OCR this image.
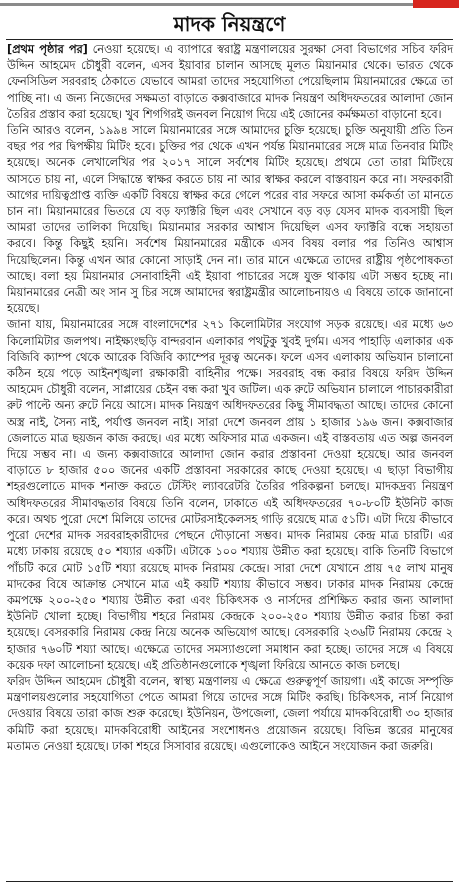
মাদক নিয়ন্ত্রণে

[প্রথম পৃষ্ঠার পর] নেওয়া হয়েছে। এ ব্যাপারে স্বরাষ্ট্র মন্ত্রণালয়ের সুরক্ষা সেবা বিভাগের সচিব ফরিদ উদ্দিন আহমেদ চৌধুরী বলেন, এসব ইয়াবার চালান আসছে মূলত মিয়ানমার থেকে। ভারত থেকে ফেনসিডিল সরবরাহ ঠেকাতে যেভাবে আমরা তাদের সহযোগিতা পেয়েছিলাম মিয়ানমারের ক্ষেত্রে তা পাচ্ছি না। এ জন্য নিজেদের সক্ষমতা বাড়াতে কক্সবাজারে মাদক নিয়ন্ত্রণ অধিদফতরের আলাদা জোন তৈরির প্রস্তাব করা হয়েছে। খুব শিগগিরই জনবল নিয়োগ দিয়ে এই জোনের কর্মক্ষমতা বাড়ানো হবে।

তিনি আরও বলেন, ১৯৯৪ সালে মিয়ানমারের সঙ্গে আমাদের চুক্তি হয়েছে। চুক্তি অনুযায়ী প্রতি তিন বছর পর পর দ্বিপক্ষীয় মিটিং হবে। চুক্তির পর থেকে এখন পর্যন্ত মিয়ানমারের সঙ্গে মাত্র তিনবার মিটিং হয়েছে। অনেক লেখালেখির পর ২০১৭ সালে সর্বশেষ মিটিং হয়েছে। প্রথমে তো তারা মিটিংয়ে আসতে চায় না, এলে সিদ্ধান্তে স্বাক্ষর করতে চায় না আর স্বাক্ষর করলে বাস্তবায়ন করে না। সফরকারী আগের দায়িত্বপ্রাপ্ত ব্যক্তি একটি বিষয়ে স্বাক্ষর করে গেলে পরের বার সফরে আসা কর্মকর্তা তা মানতে চান না। মিয়ানমারের ভিতরে যে বড় ফ্যাক্টরি ছিল এবং সেখানে বড় বড় যেসব মাদক ব্যবসায়ী ছিল আমরা তাদের তালিকা দিয়েছি। মিয়ানমার সরকার আশ্বাস দিয়েছিল এসব ফ্যাক্টরি বন্ধে সহায়তা করবে। কিন্তু কিছুই হয়নি। সর্বশেষ মিয়ানমারের মন্ত্রীকে এসব বিষয় বলার পর তিনিও আশ্বাস দিয়েছিলেন। কিন্তু এখন আর কোনো সাড়াই দেন না। তার মানে এক্ষেত্রে তাদের রাষ্ট্রীয় পৃষ্ঠপোষকতা আছে। বলা হয় মিয়ানমার সেনাবাহিনী এই ইয়াবা পাচারের সঙ্গে যুক্ত থাকায় এটা সম্ভব হচ্ছে না। মিয়ানমারের নেত্রী অং সান সু চির সঙ্গে আমাদের স্বরাষ্ট্রমন্ত্রীর আলোচনায়ও এ বিষয়ে তাকে জানানো হয়েছে।

জানা যায়, মিয়ানমারের সঙ্গে বাংলাদেশের ২৭১ কিলোমিটার সংযোগ সড়ক রয়েছে। এর মধ্যে ৬৩ কিলোমিটার জলপথ। নাইক্ষ্যংছড়ি বান্দরবান এলাকার পথটুকু খুবই দুর্গম। এসব পাহাড়ি এলাকার এক বিজিবি ক্যাম্প থেকে আরেক বিজিবি ক্যাম্পের দূরত্ব অনেক। ফলে এসব এলাকায় অভিযান চালানো কঠিন হয়ে পড়ে আইনশৃঙ্খলা রক্ষাকারী বাহিনীর পক্ষে। সরবরাহ বন্ধ করার বিষয়ে ফরিদ উদ্দিন আহমেদ চৌধুরী বলেন, সাপ্লায়ের চেইন বন্ধ করা খুব জটিল। এক রুটে অভিযান চালালে পাচারকারীরা রুট পাল্টে অন্য রুটে নিয়ে আসে। মাদক নিয়ন্ত্রণ অধিদফতরের কিছু সীমাবদ্ধতা আছে। তাদের কোনো অস্ত্র নাই, সৈন্য নাই, পর্যাপ্ত জনবল নাই। সারা দেশে জনবল প্রায় ১ হাজার ১৯৬ জন। কক্সবাজার জেলাতে মাত্র ছয়জন কাজ করছে। এর মধ্যে অফিসার মাত্র একজন। এই বাস্তবতায় এত অল্প জনবল দিয়ে সম্ভব না। এ জন্য কক্সবাজারে আলাদা জোন করার প্রস্তাবনা দেওয়া হয়েছে। আর জনবল বাড়াতে ৮ হাজার ৫০০ জনের একটি প্রস্তাবনা সরকারের কাছে দেওয়া হয়েছে। এ ছাড়া বিভাগীয় শহরগুলোতে মাদক শনাক্ত করতে টেস্টিং ল্যাবরেটরি তৈরির পরিকল্পনা চলছে। মাদকদ্রব্য নিয়ন্ত্রণ অধিদফতরের সীমাবদ্ধতার বিষয়ে তিনি বলেন, ঢাকাতে এই অধিদফতরের ৭০-৮০টি ইউনিট কাজ করে। অথচ পুরো দেশে মিলিয়ে তাদের মোটরসাইকেলসহ গাড়ি রয়েছে মাত্র ৫১টি। এটা দিয়ে কীভাবে পুরো দেশের মাদক সরবরাহকারীদের পেছনে দৌড়ানো সম্ভব। মাদক নিরাময় কেন্দ্র মাত্র চারটি। এর মধ্যে ঢাকায় রয়েছে ৫০ শয্যার একটি। এটাকে ১০০ শয্যায় উন্নীত করা হয়েছে। বাকি তিনটি বিভাগে পাঁচটি করে মোট ১৫টি শয্যা রয়েছে মাদক নিরাময় কেন্দ্রে। সারা দেশে যেখানে প্রায় ৭৫ লাখ মানুষ মাদকের বিষে আক্রান্ত সেখানে মাত্র এই কয়টি শয্যায় কীভাবে সম্ভব। ঢাকার মাদক নিরাময় কেন্দ্রে কমপক্ষে ২০০-২৫০ শয্যায় উন্নীত করা এবং চিকিৎসক ও নার্সদের প্রশিক্ষিত করার জন্য আলাদা ইউনিট খোলা হচ্ছে। বিভাগীয় শহরে নিরাময় কেন্দ্রকে ২০০-২৫০ শয্যায় উন্নীত করার চিন্তা করা হয়েছে। বেসরকারি নিরাময় কেন্দ্র নিয়ে অনেক অভিযোগ আছে। বেসরকারি ২৩৬টি নিরাময় কেন্দ্রে ২ হাজার ৭৬০টি শয্যা আছে। এক্ষেত্রে তাদের সমস্যাগুলো সমাধান করা হচ্ছে। তাদের সঙ্গে এ বিষয়ে কয়েক দফা আলোচনা হয়েছে। এই প্রতিষ্ঠানগুলোকে শৃঙ্খলা ফিরিয়ে আনতে কাজ চলছে।

ফরিদ উদ্দিন আহমেদ চৌধুরী বলেন, স্বাস্থ্য মন্ত্রণালয় এ ক্ষেত্রে গুরুত্বপূর্ণ জায়গা। এই কাজে সম্পৃক্তি মন্ত্রণালয়গুলোর সহযোগিতা পেতে আমরা গিয়ে তাদের সঙ্গে মিটিং করছি। চিকিৎসক, নার্স নিয়োগ দেওয়ার বিষয়ে তারা কাজ শুরু করেছে। ইউনিয়ন, উপজেলা, জেলা পর্যায়ে মাদকবিরোধী ৩০ হাজার কমিটি করা হয়েছে। মাদকবিরোধী আইনের সংশোধনও প্রয়োজন রয়েছে। বিভিন্ন স্তরের মানুষের মতামত নেওয়া হয়েছে। ঢাকা শহরে সিসাবার রয়েছে। এগুলোকেও আইনে সংযোজন করা জরুরি।
